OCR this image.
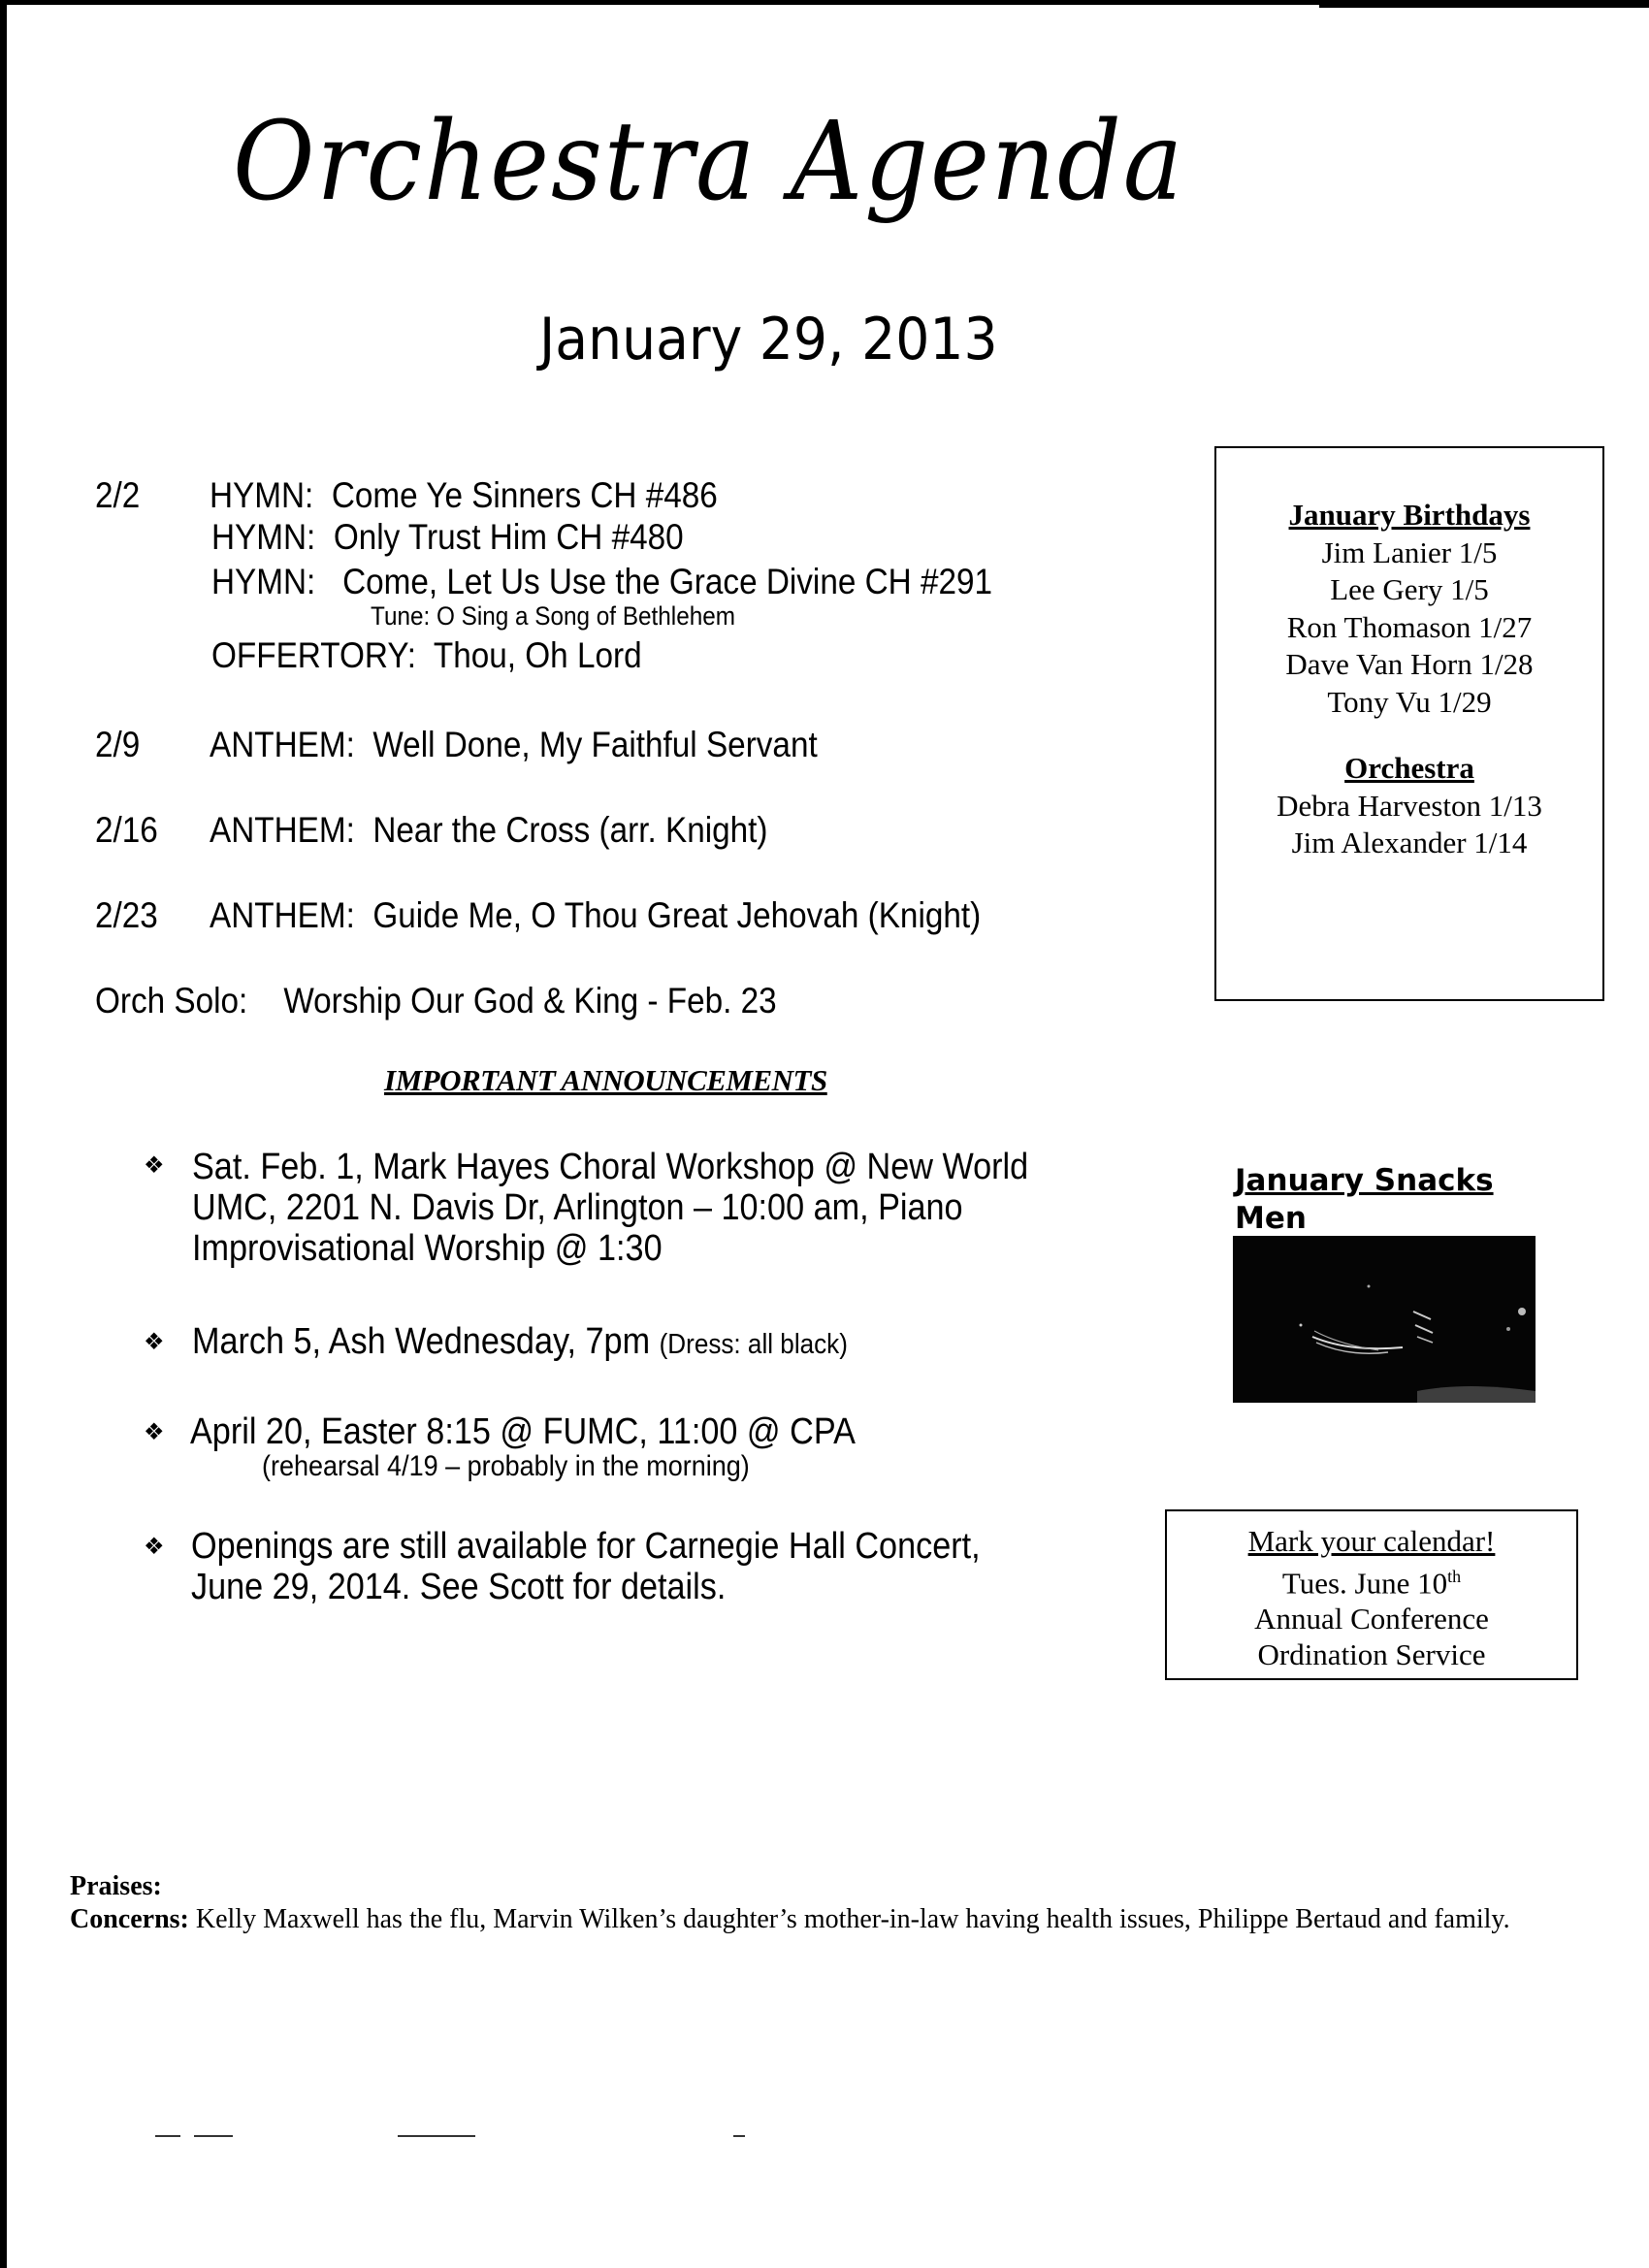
Orchestra Agenda
January 29, 2013
2/2 HYMN: Come Ye Sinners CH #486
HYMN: Only Trust Him CH #480
HYMN: Come, Let Us Use the Grace Divine CH #291
Tune: O Sing a Song of Bethlehem
OFFERTORY: Thou, Oh Lord
2/9 ANTHEM: Well Done, My Faithful Servant
2/16 ANTHEM: Near the Cross (arr. Knight)
2/23 ANTHEM: Guide Me, O Thou Great Jehovah (Knight)
Orch Solo: Worship Our God & King - Feb. 23
January Birthdays
Jim Lanier 1/5
Lee Gery 1/5
Ron Thomason 1/27
Dave Van Horn 1/28
Tony Vu 1/29
Orchestra
Debra Harveston 1/13
Jim Alexander 1/14
IMPORTANT ANNOUNCEMENTS
❖ Sat. Feb. 1, Mark Hayes Choral Workshop @ New World
UMC, 2201 N. Davis Dr, Arlington – 10:00 am, Piano
Improvisational Worship @ 1:30
❖ March 5, Ash Wednesday, 7pm (Dress: all black)
❖ April 20, Easter 8:15 @ FUMC, 11:00 @ CPA
(rehearsal 4/19 – probably in the morning)
❖ Openings are still available for Carnegie Hall Concert,
June 29, 2014. See Scott for details.
January Snacks
Men
Mark your calendar!
Tues. June 10th
Annual Conference
Ordination Service
Praises:
Concerns: Kelly Maxwell has the flu, Marvin Wilken’s daughter’s mother-in-law having health issues, Philippe Bertaud and family.
